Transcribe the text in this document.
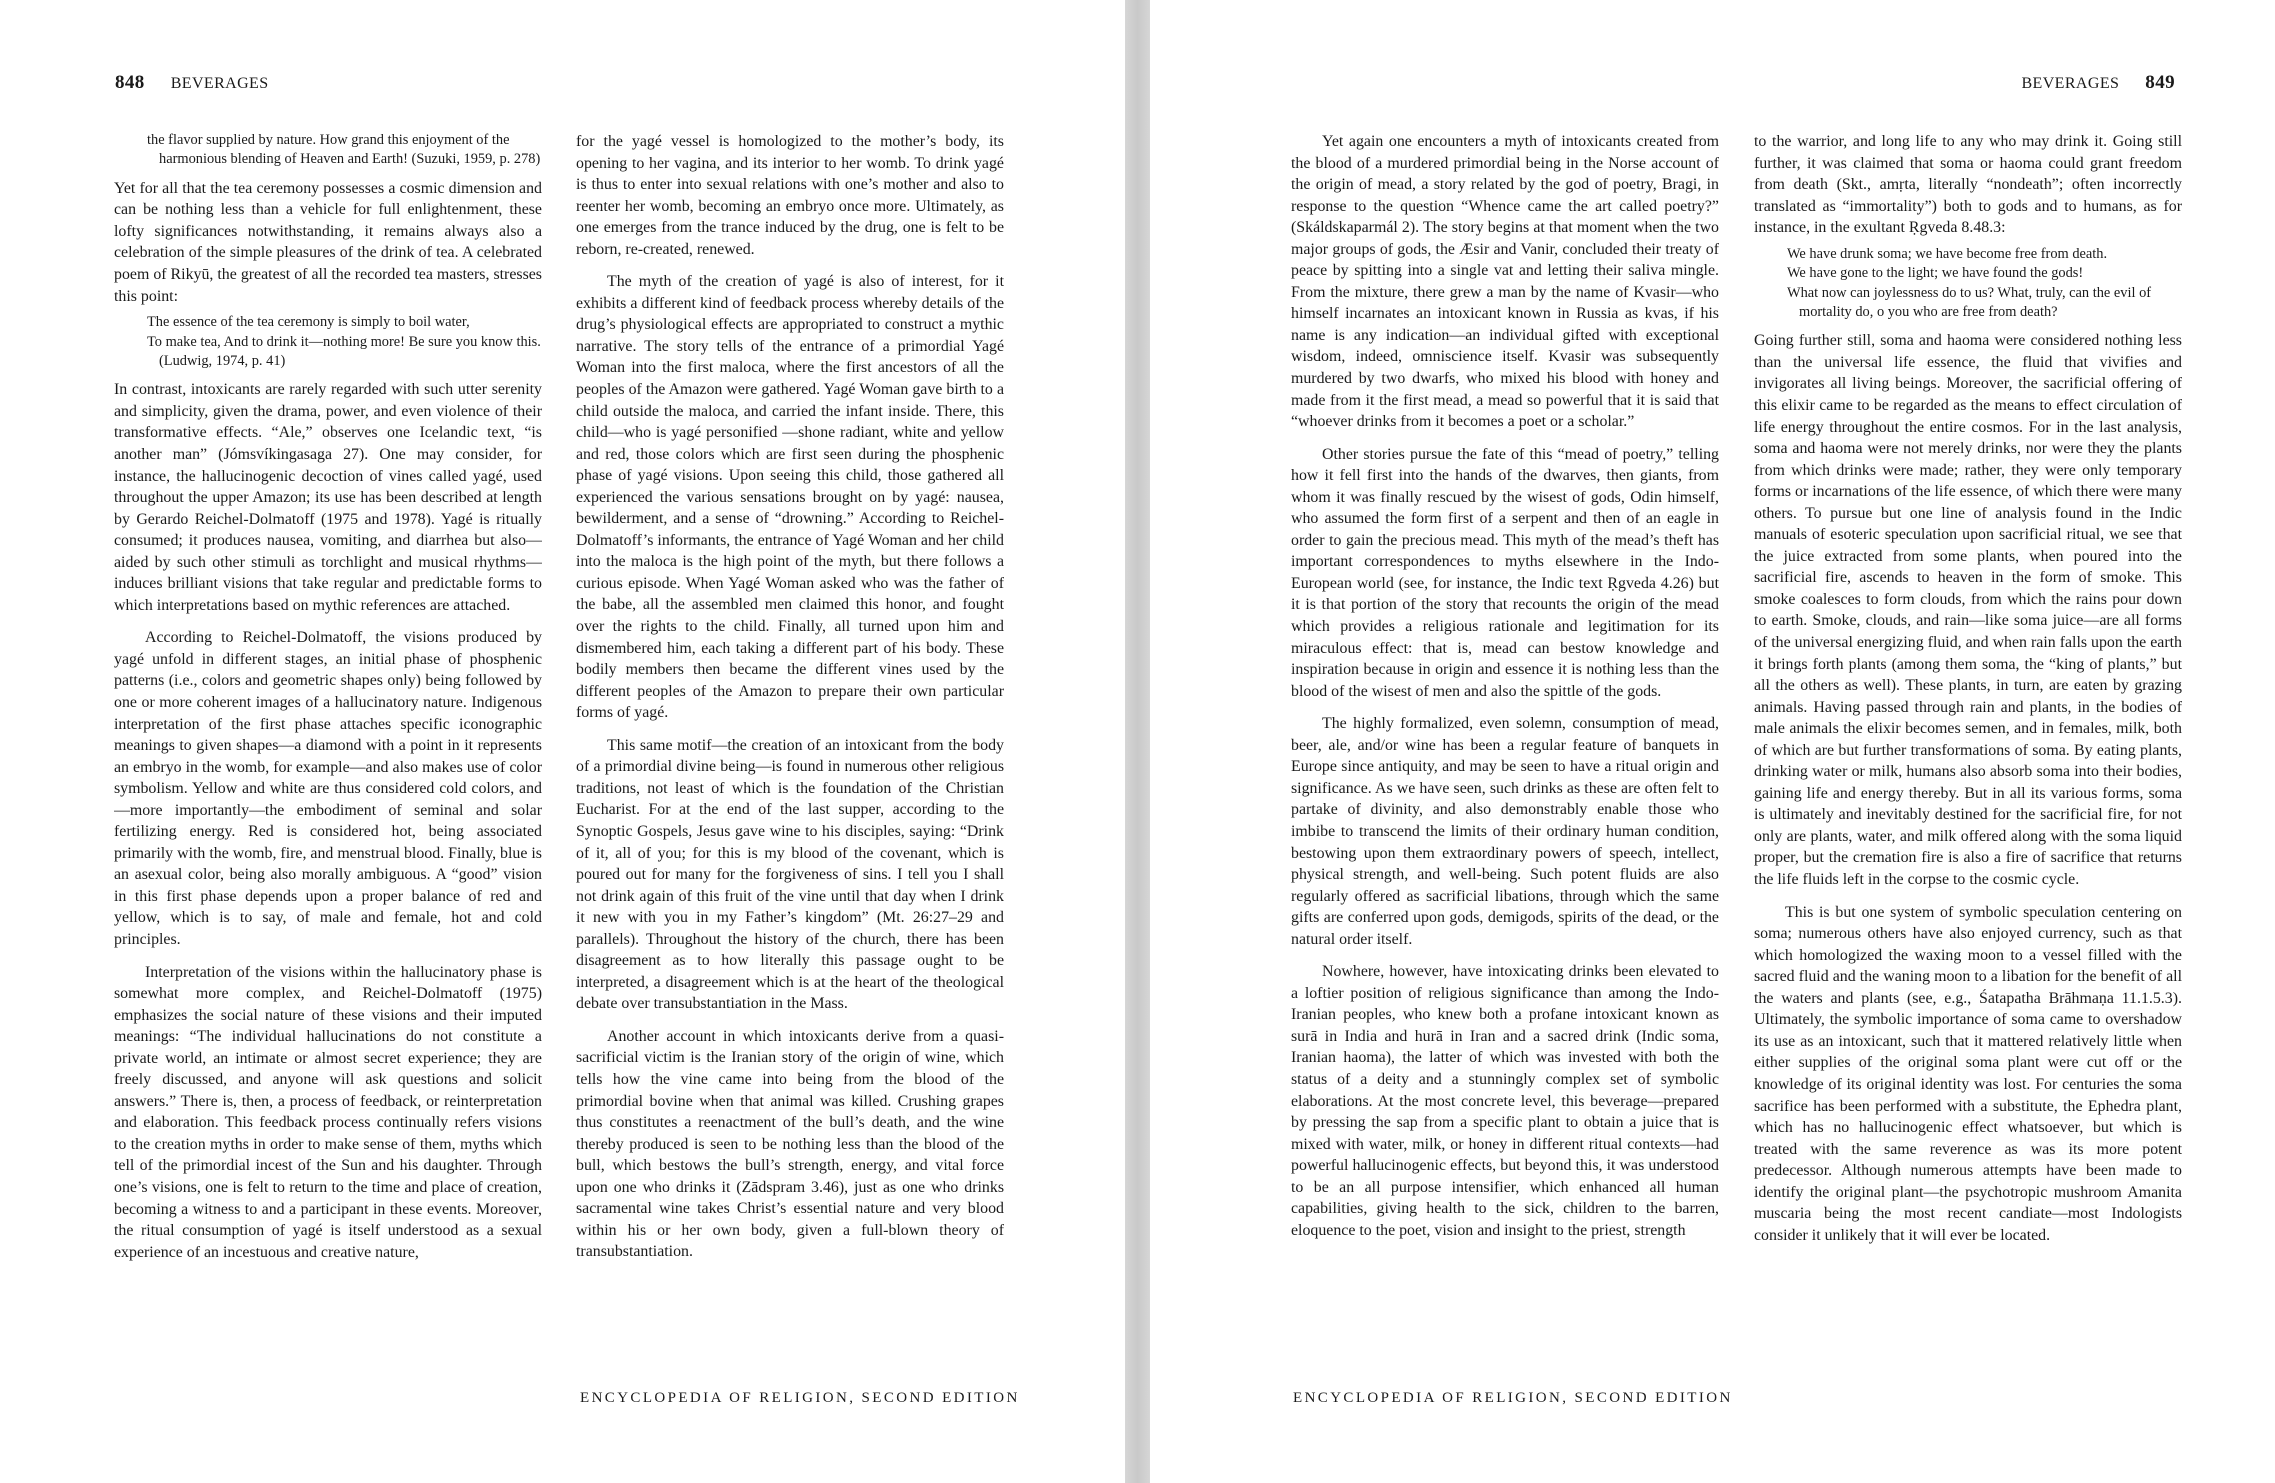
848 BEVERAGES
the flavor supplied by nature. How grand this enjoyment of the harmonious blending of Heaven and Earth! (Suzuki, 1959, p. 278)

Yet for all that the tea ceremony possesses a cosmic dimension and can be nothing less than a vehicle for full enlightenment, these lofty significances notwithstanding, it remains always also a celebration of the simple pleasures of the drink of tea. A celebrated poem of Rikyū, the greatest of all the recorded tea masters, stresses this point:

The essence of the tea ceremony is simply to boil water,
To make tea, And to drink it—nothing more! Be sure you know this. (Ludwig, 1974, p. 41)

In contrast, intoxicants are rarely regarded with such utter serenity and simplicity, given the drama, power, and even violence of their transformative effects. “Ale,” observes one Icelandic text, “is another man” (Jómsvíkingasaga 27). One may consider, for instance, the hallucinogenic decoction of vines called yagé, used throughout the upper Amazon; its use has been described at length by Gerardo Reichel-Dolmatoff (1975 and 1978). Yagé is ritually consumed; it produces nausea, vomiting, and diarrhea but also—aided by such other stimuli as torchlight and musical rhythms—induces brilliant visions that take regular and predictable forms to which interpretations based on mythic references are attached.

According to Reichel-Dolmatoff, the visions produced by yagé unfold in different stages, an initial phase of phosphenic patterns (i.e., colors and geometric shapes only) being followed by one or more coherent images of a hallucinatory nature. Indigenous interpretation of the first phase attaches specific iconographic meanings to given shapes—a diamond with a point in it represents an embryo in the womb, for example—and also makes use of color symbolism. Yellow and white are thus considered cold colors, and—more importantly—the embodiment of seminal and solar fertilizing energy. Red is considered hot, being associated primarily with the womb, fire, and menstrual blood. Finally, blue is an asexual color, being also morally ambiguous. A “good” vision in this first phase depends upon a proper balance of red and yellow, which is to say, of male and female, hot and cold principles.

Interpretation of the visions within the hallucinatory phase is somewhat more complex, and Reichel-Dolmatoff (1975) emphasizes the social nature of these visions and their imputed meanings: “The individual hallucinations do not constitute a private world, an intimate or almost secret experience; they are freely discussed, and anyone will ask questions and solicit answers.” There is, then, a process of feedback, or reinterpretation and elaboration. This feedback process continually refers visions to the creation myths in order to make sense of them, myths which tell of the primordial incest of the Sun and his daughter. Through one’s visions, one is felt to return to the time and place of creation, becoming a witness to and a participant in these events. Moreover, the ritual consumption of yagé is itself understood as a sexual experience of an incestuous and creative nature,

for the yagé vessel is homologized to the mother’s body, its opening to her vagina, and its interior to her womb. To drink yagé is thus to enter into sexual relations with one’s mother and also to reenter her womb, becoming an embryo once more. Ultimately, as one emerges from the trance induced by the drug, one is felt to be reborn, re-created, renewed.

The myth of the creation of yagé is also of interest, for it exhibits a different kind of feedback process whereby details of the drug’s physiological effects are appropriated to construct a mythic narrative. The story tells of the entrance of a primordial Yagé Woman into the first maloca, where the first ancestors of all the peoples of the Amazon were gathered. Yagé Woman gave birth to a child outside the maloca, and carried the infant inside. There, this child—who is yagé personified —shone radiant, white and yellow and red, those colors which are first seen during the phosphenic phase of yagé visions. Upon seeing this child, those gathered all experienced the various sensations brought on by yagé: nausea, bewilderment, and a sense of “drowning.” According to Reichel-Dolmatoff’s informants, the entrance of Yagé Woman and her child into the maloca is the high point of the myth, but there follows a curious episode. When Yagé Woman asked who was the father of the babe, all the assembled men claimed this honor, and fought over the rights to the child. Finally, all turned upon him and dismembered him, each taking a different part of his body. These bodily members then became the different vines used by the different peoples of the Amazon to prepare their own particular forms of yagé.

This same motif—the creation of an intoxicant from the body of a primordial divine being—is found in numerous other religious traditions, not least of which is the foundation of the Christian Eucharist. For at the end of the last supper, according to the Synoptic Gospels, Jesus gave wine to his disciples, saying: “Drink of it, all of you; for this is my blood of the covenant, which is poured out for many for the forgiveness of sins. I tell you I shall not drink again of this fruit of the vine until that day when I drink it new with you in my Father’s kingdom” (Mt. 26:27–29 and parallels). Throughout the history of the church, there has been disagreement as to how literally this passage ought to be interpreted, a disagreement which is at the heart of the theological debate over transubstantiation in the Mass.

Another account in which intoxicants derive from a quasi-sacrificial victim is the Iranian story of the origin of wine, which tells how the vine came into being from the blood of the primordial bovine when that animal was killed. Crushing grapes thus constitutes a reenactment of the bull’s death, and the wine thereby produced is seen to be nothing less than the blood of the bull, which bestows the bull’s strength, energy, and vital force upon one who drinks it (Zādspram 3.46), just as one who drinks sacramental wine takes Christ’s essential nature and very blood within his or her own body, given a full-blown theory of transubstantiation.

ENCYCLOPEDIA OF RELIGION, SECOND EDITION
BEVERAGES 849

Yet again one encounters a myth of intoxicants created from the blood of a murdered primordial being in the Norse account of the origin of mead, a story related by the god of poetry, Bragi, in response to the question “Whence came the art called poetry?” (Skáldskaparmál 2). The story begins at that moment when the two major groups of gods, the Æsir and Vanir, concluded their treaty of peace by spitting into a single vat and letting their saliva mingle. From the mixture, there grew a man by the name of Kvasir—who himself incarnates an intoxicant known in Russia as kvas, if his name is any indication—an individual gifted with exceptional wisdom, indeed, omniscience itself. Kvasir was subsequently murdered by two dwarfs, who mixed his blood with honey and made from it the first mead, a mead so powerful that it is said that “whoever drinks from it becomes a poet or a scholar.”

Other stories pursue the fate of this “mead of poetry,” telling how it fell first into the hands of the dwarves, then giants, from whom it was finally rescued by the wisest of gods, Odin himself, who assumed the form first of a serpent and then of an eagle in order to gain the precious mead. This myth of the mead’s theft has important correspondences to myths elsewhere in the Indo-European world (see, for instance, the Indic text Ṛgveda 4.26) but it is that portion of the story that recounts the origin of the mead which provides a religious rationale and legitimation for its miraculous effect: that is, mead can bestow knowledge and inspiration because in origin and essence it is nothing less than the blood of the wisest of men and also the spittle of the gods.

The highly formalized, even solemn, consumption of mead, beer, ale, and/or wine has been a regular feature of banquets in Europe since antiquity, and may be seen to have a ritual origin and significance. As we have seen, such drinks as these are often felt to partake of divinity, and also demonstrably enable those who imbibe to transcend the limits of their ordinary human condition, bestowing upon them extraordinary powers of speech, intellect, physical strength, and well-being. Such potent fluids are also regularly offered as sacrificial libations, through which the same gifts are conferred upon gods, demigods, spirits of the dead, or the natural order itself.

Nowhere, however, have intoxicating drinks been elevated to a loftier position of religious significance than among the Indo-Iranian peoples, who knew both a profane intoxicant known as surā in India and hurā in Iran and a sacred drink (Indic soma, Iranian haoma), the latter of which was invested with both the status of a deity and a stunningly complex set of symbolic elaborations. At the most concrete level, this beverage—prepared by pressing the sap from a specific plant to obtain a juice that is mixed with water, milk, or honey in different ritual contexts—had powerful hallucinogenic effects, but beyond this, it was understood to be an all purpose intensifier, which enhanced all human capabilities, giving health to the sick, children to the barren, eloquence to the poet, vision and insight to the priest, strength

to the warrior, and long life to any who may drink it. Going still further, it was claimed that soma or haoma could grant freedom from death (Skt., amṛta, literally “nondeath”; often incorrectly translated as “immortality”) both to gods and to humans, as for instance, in the exultant Ṛgveda 8.48.3:

We have drunk soma; we have become free from death.
We have gone to the light; we have found the gods!
What now can joylessness do to us? What, truly, can the evil of mortality do, o you who are free from death?

Going further still, soma and haoma were considered nothing less than the universal life essence, the fluid that vivifies and invigorates all living beings. Moreover, the sacrificial offering of this elixir came to be regarded as the means to effect circulation of life energy throughout the entire cosmos. For in the last analysis, soma and haoma were not merely drinks, nor were they the plants from which drinks were made; rather, they were only temporary forms or incarnations of the life essence, of which there were many others. To pursue but one line of analysis found in the Indic manuals of esoteric speculation upon sacrificial ritual, we see that the juice extracted from some plants, when poured into the sacrificial fire, ascends to heaven in the form of smoke. This smoke coalesces to form clouds, from which the rains pour down to earth. Smoke, clouds, and rain—like soma juice—are all forms of the universal energizing fluid, and when rain falls upon the earth it brings forth plants (among them soma, the “king of plants,” but all the others as well). These plants, in turn, are eaten by grazing animals. Having passed through rain and plants, in the bodies of male animals the elixir becomes semen, and in females, milk, both of which are but further transformations of soma. By eating plants, drinking water or milk, humans also absorb soma into their bodies, gaining life and energy thereby. But in all its various forms, soma is ultimately and inevitably destined for the sacrificial fire, for not only are plants, water, and milk offered along with the soma liquid proper, but the cremation fire is also a fire of sacrifice that returns the life fluids left in the corpse to the cosmic cycle.

This is but one system of symbolic speculation centering on soma; numerous others have also enjoyed currency, such as that which homologized the waxing moon to a vessel filled with the sacred fluid and the waning moon to a libation for the benefit of all the waters and plants (see, e.g., Śatapatha Brāhmaṇa 11.1.5.3). Ultimately, the symbolic importance of soma came to overshadow its use as an intoxicant, such that it mattered relatively little when either supplies of the original soma plant were cut off or the knowledge of its original identity was lost. For centuries the soma sacrifice has been performed with a substitute, the Ephedra plant, which has no hallucinogenic effect whatsoever, but which is treated with the same reverence as was its more potent predecessor. Although numerous attempts have been made to identify the original plant—the psychotropic mushroom Amanita muscaria being the most recent candiate—most Indologists consider it unlikely that it will ever be located.

ENCYCLOPEDIA OF RELIGION, SECOND EDITION
